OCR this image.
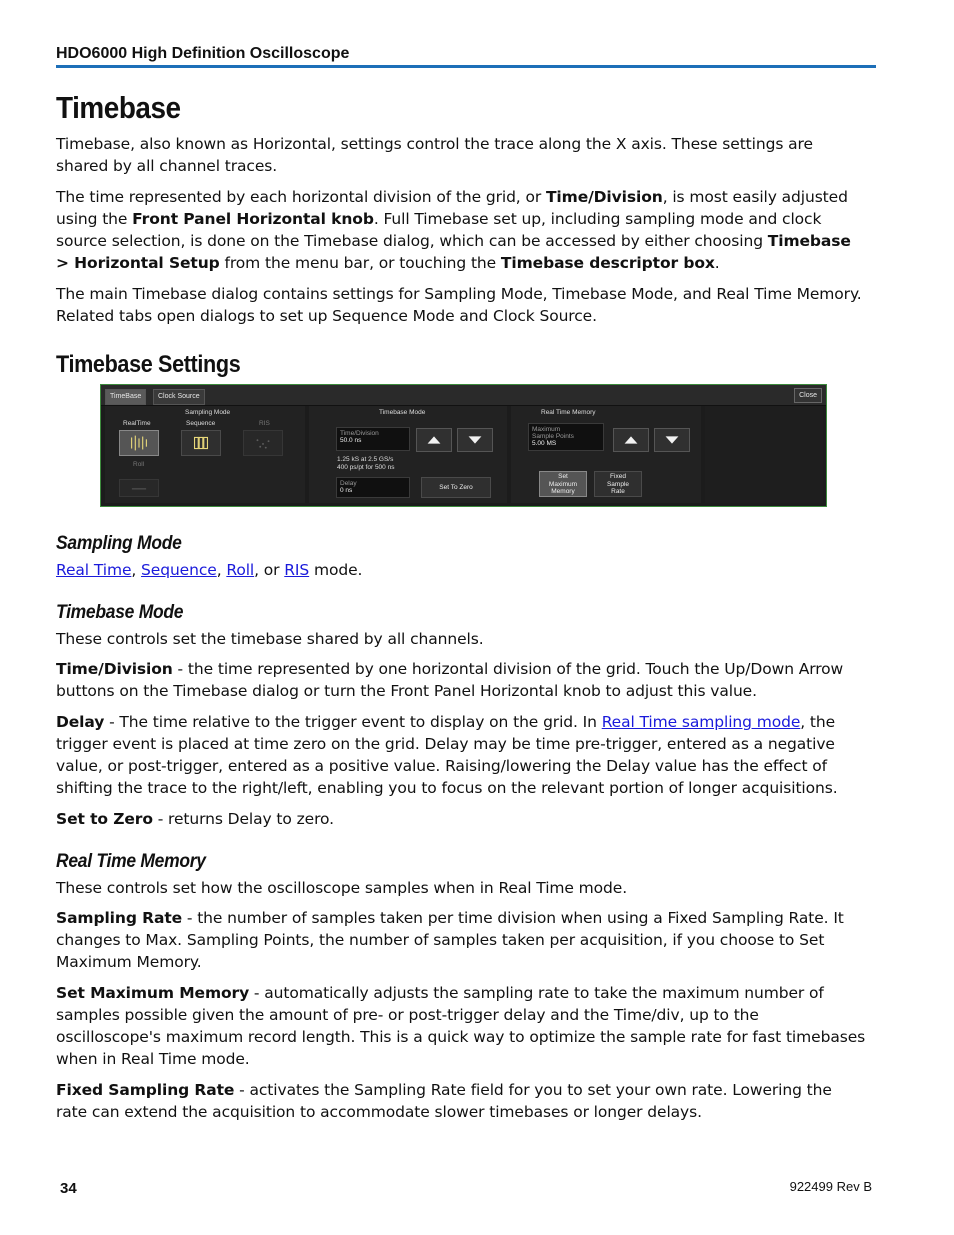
HDO6000 High Definition Oscilloscope
Timebase

Timebase, also known as Horizontal, settings control the trace along the X axis. These settings are shared by all channel traces.

The time represented by each horizontal division of the grid, or Time/Division, is most easily adjusted using the Front Panel Horizontal knob. Full Timebase set up, including sampling mode and clock source selection, is done on the Timebase dialog, which can be accessed by either choosing Timebase > Horizontal Setup from the menu bar, or touching the Timebase descriptor box.

The main Timebase dialog contains settings for Sampling Mode, Timebase Mode, and Real Time Memory. Related tabs open dialogs to set up Sequence Mode and Clock Source.

Timebase Settings
TimeBase	Clock Source	Close
Sampling Mode
RealTime	Sequence	RIS
Roll
Timebase Mode
Time/Division
50.0 ns
1.25 kS at 2.5 GS/s
400 ps/pt for 500 ns
Delay
0 ns	Set To Zero
Real Time Memory
Maximum
Sample Points
5.00 MS
Set
Maximum
Memory
Fixed
Sample
Rate
Sampling Mode

Real Time, Sequence, Roll, or RIS mode.

Timebase Mode

These controls set the timebase shared by all channels.

Time/Division - the time represented by one horizontal division of the grid. Touch the Up/Down Arrow buttons on the Timebase dialog or turn the Front Panel Horizontal knob to adjust this value.

Delay - The time relative to the trigger event to display on the grid. In Real Time sampling mode, the trigger event is placed at time zero on the grid. Delay may be time pre-trigger, entered as a negative value, or post-trigger, entered as a positive value. Raising/lowering the Delay value has the effect of shifting the trace to the right/left, enabling you to focus on the relevant portion of longer acquisitions.

Set to Zero - returns Delay to zero.

Real Time Memory

These controls set how the oscilloscope samples when in Real Time mode.

Sampling Rate - the number of samples taken per time division when using a Fixed Sampling Rate. It changes to Max. Sampling Points, the number of samples taken per acquisition, if you choose to Set Maximum Memory.

Set Maximum Memory - automatically adjusts the sampling rate to take the maximum number of samples possible given the amount of pre- or post-trigger delay and the Time/div, up to the oscilloscope's maximum record length. This is a quick way to optimize the sample rate for fast timebases when in Real Time mode.

Fixed Sampling Rate - activates the Sampling Rate field for you to set your own rate. Lowering the rate can extend the acquisition to accommodate slower timebases or longer delays.

34	922499 Rev B
